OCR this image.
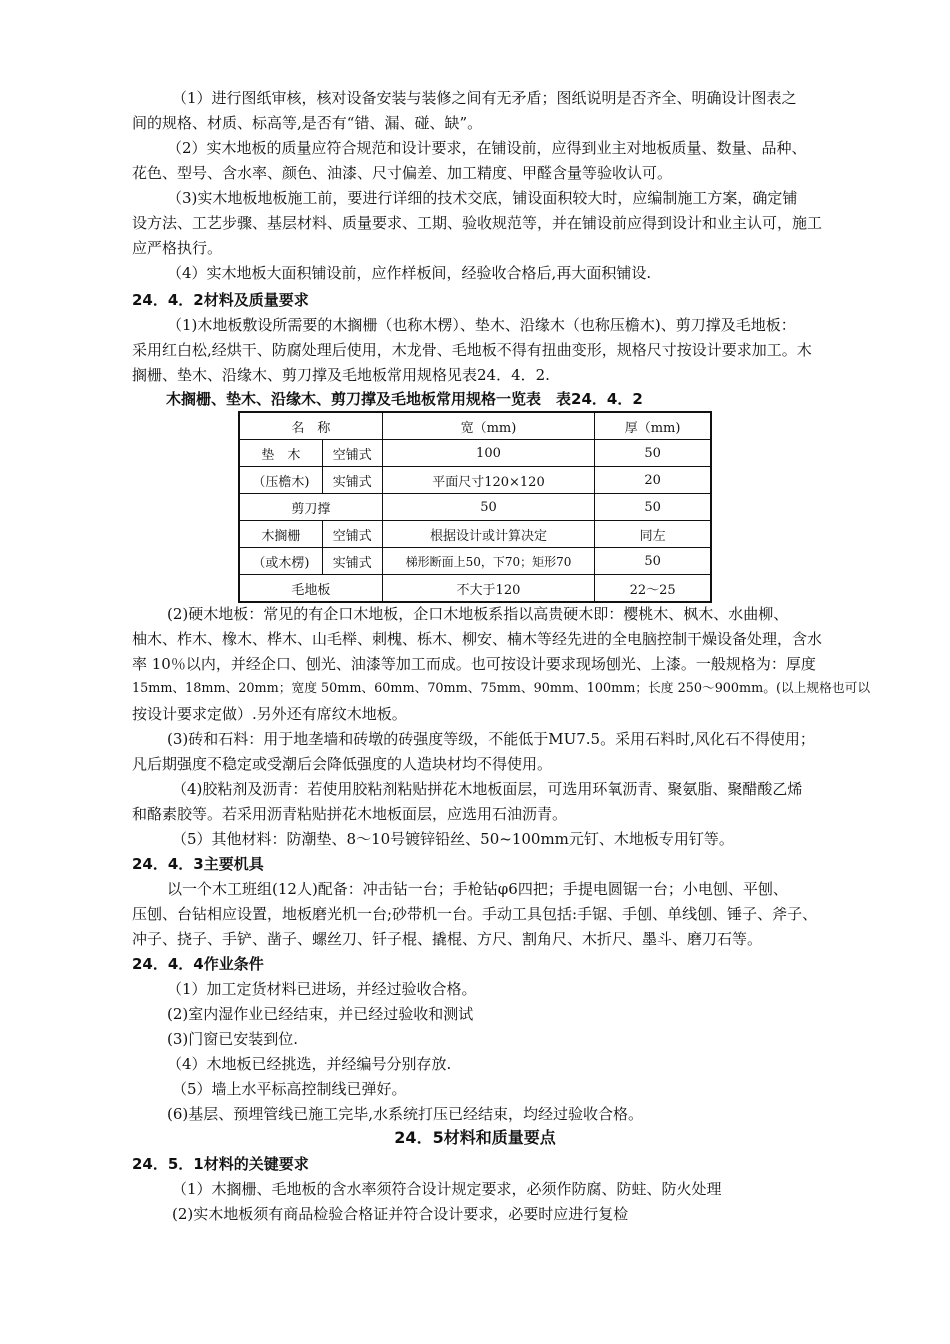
（1）进行图纸审核，核对设备安装与装修之间有无矛盾；图纸说明是否齐全、明确设计图表之
间的规格、材质、标高等,是否有“错、漏、碰、缺”。
（2）实木地板的质量应符合规范和设计要求，在铺设前，应得到业主对地板质量、数量、品种、
花色、型号、含水率、颜色、油漆、尺寸偏差、加工精度、甲醛含量等验收认可。
（3)实木地板地板施工前，要进行详细的技术交底，铺设面积较大时，应编制施工方案，确定铺
设方法、工艺步骤、基层材料、质量要求、工期、验收规范等，并在铺设前应得到设计和业主认可，施工
应严格执行。
（4）实木地板大面积铺设前，应作样板间，经验收合格后,再大面积铺设.
24．4．2材料及质量要求
（1)木地板敷设所需要的木搁栅（也称木楞）、垫木、沿缘木（也称压檐木)、剪刀撑及毛地板：
采用红白松,经烘干、防腐处理后使用，木龙骨、毛地板不得有扭曲变形，规格尺寸按设计要求加工。木
搁栅、垫木、沿缘木、剪刀撑及毛地板常用规格见表24．4．2.
木搁栅、垫木、沿缘木、剪刀撑及毛地板常用规格一览表　表24．4．2
名　称		宽（mm)	厚（mm)
垫　木	空铺式	100	50
（压檐木)	实铺式	平面尺寸120×120	20
剪刀撑		50	50
木搁栅	空铺式	根据设计或计算决定	同左
（或木楞)	实铺式	梯形断面上50，下70；矩形70	50
毛地板		不大于120	22～25
(2)硬木地板：常见的有企口木地板，企口木地板系指以高贵硬木即：樱桃木、枫木、水曲柳、
柚木、柞木、橡木、桦木、山毛榉、刺槐、栎木、柳安、楠木等经先进的全电脑控制干燥设备处理，含水
率 10％以内，并经企口、刨光、油漆等加工而成。也可按设计要求现场刨光、上漆。一般规格为：厚度
15mm、18mm、20mm；宽度 50mm、60mm、70mm、75mm、90mm、100mm；长度 250～900mm。(以上规格也可以
按设计要求定做）.另外还有席纹木地板。
(3)砖和石料：用于地垄墙和砖墩的砖强度等级，不能低于MU7.5。采用石料时,风化石不得使用；
凡后期强度不稳定或受潮后会降低强度的人造块材均不得使用。
（4)胶粘剂及沥青：若使用胶粘剂粘贴拼花木地板面层，可选用环氧沥青、聚氨脂、聚醋酸乙烯
和酪素胶等。若采用沥青粘贴拼花木地板面层，应选用石油沥青。
（5）其他材料：防潮垫、8～10号镀锌铅丝、50~100mm元钉、木地板专用钉等。
24．4．3主要机具
以一个木工班组(12人)配备：冲击钻一台；手枪钻φ6四把；手提电圆锯一台；小电刨、平刨、
压刨、台钻相应设置，地板磨光机一台;砂带机一台。手动工具包括:手锯、手刨、单线刨、锤子、斧子、
冲子、挠子、手铲、凿子、螺丝刀、钎子棍、撬棍、方尺、割角尺、木折尺、墨斗、磨刀石等。
24．4．4作业条件
（1）加工定货材料已进场，并经过验收合格。
(2)室内湿作业已经结束，并已经过验收和测试
(3)门窗已安装到位.
（4）木地板已经挑选，并经编号分别存放.
（5）墙上水平标高控制线已弹好。
(6)基层、预埋管线已施工完毕,水系统打压已经结束，均经过验收合格。
24．5材料和质量要点
24．5．1材料的关键要求
（1）木搁栅、毛地板的含水率须符合设计规定要求，必须作防腐、防蛀、防火处理
(2)实木地板须有商品检验合格证并符合设计要求，必要时应进行复检
